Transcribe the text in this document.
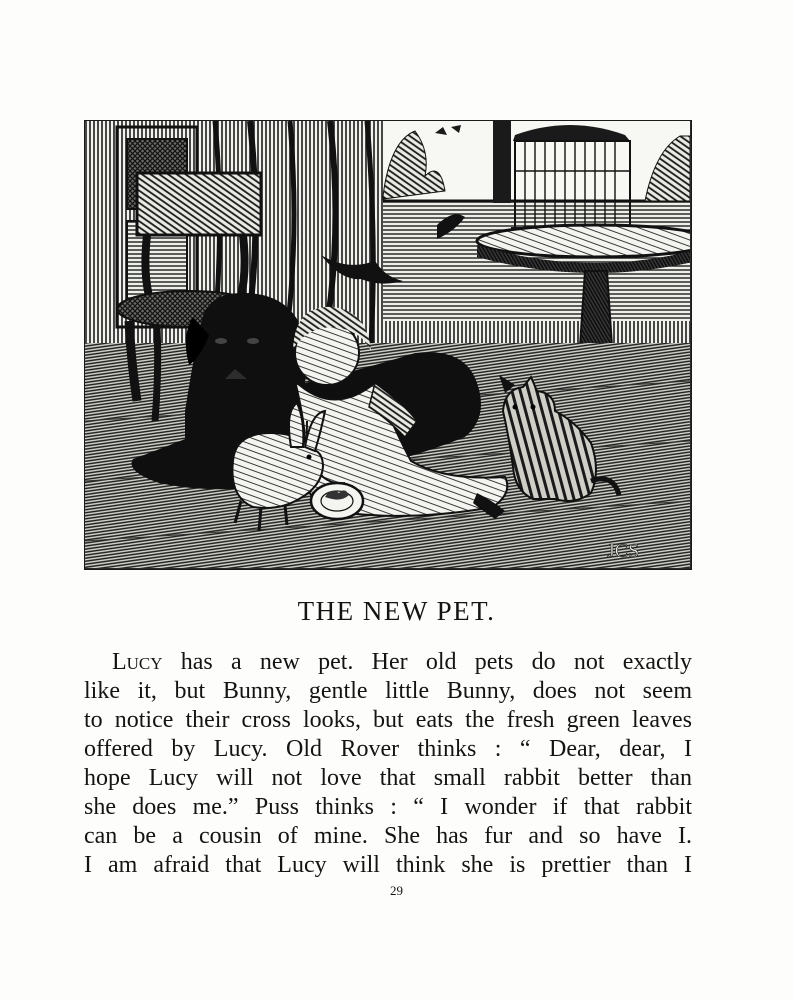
JCS
THE NEW PET.
Lucy has a new pet. Her old pets do not exactly
like it, but Bunny, gentle little Bunny, does not seem
to notice their cross looks, but eats the fresh green leaves
offered by Lucy. Old Rover thinks : “ Dear, dear, I
hope Lucy will not love that small rabbit better than
she does me.” Puss thinks : “ I wonder if that rabbit
can be a cousin of mine. She has fur and so have I.
I am afraid that Lucy will think she is prettier than I
29
